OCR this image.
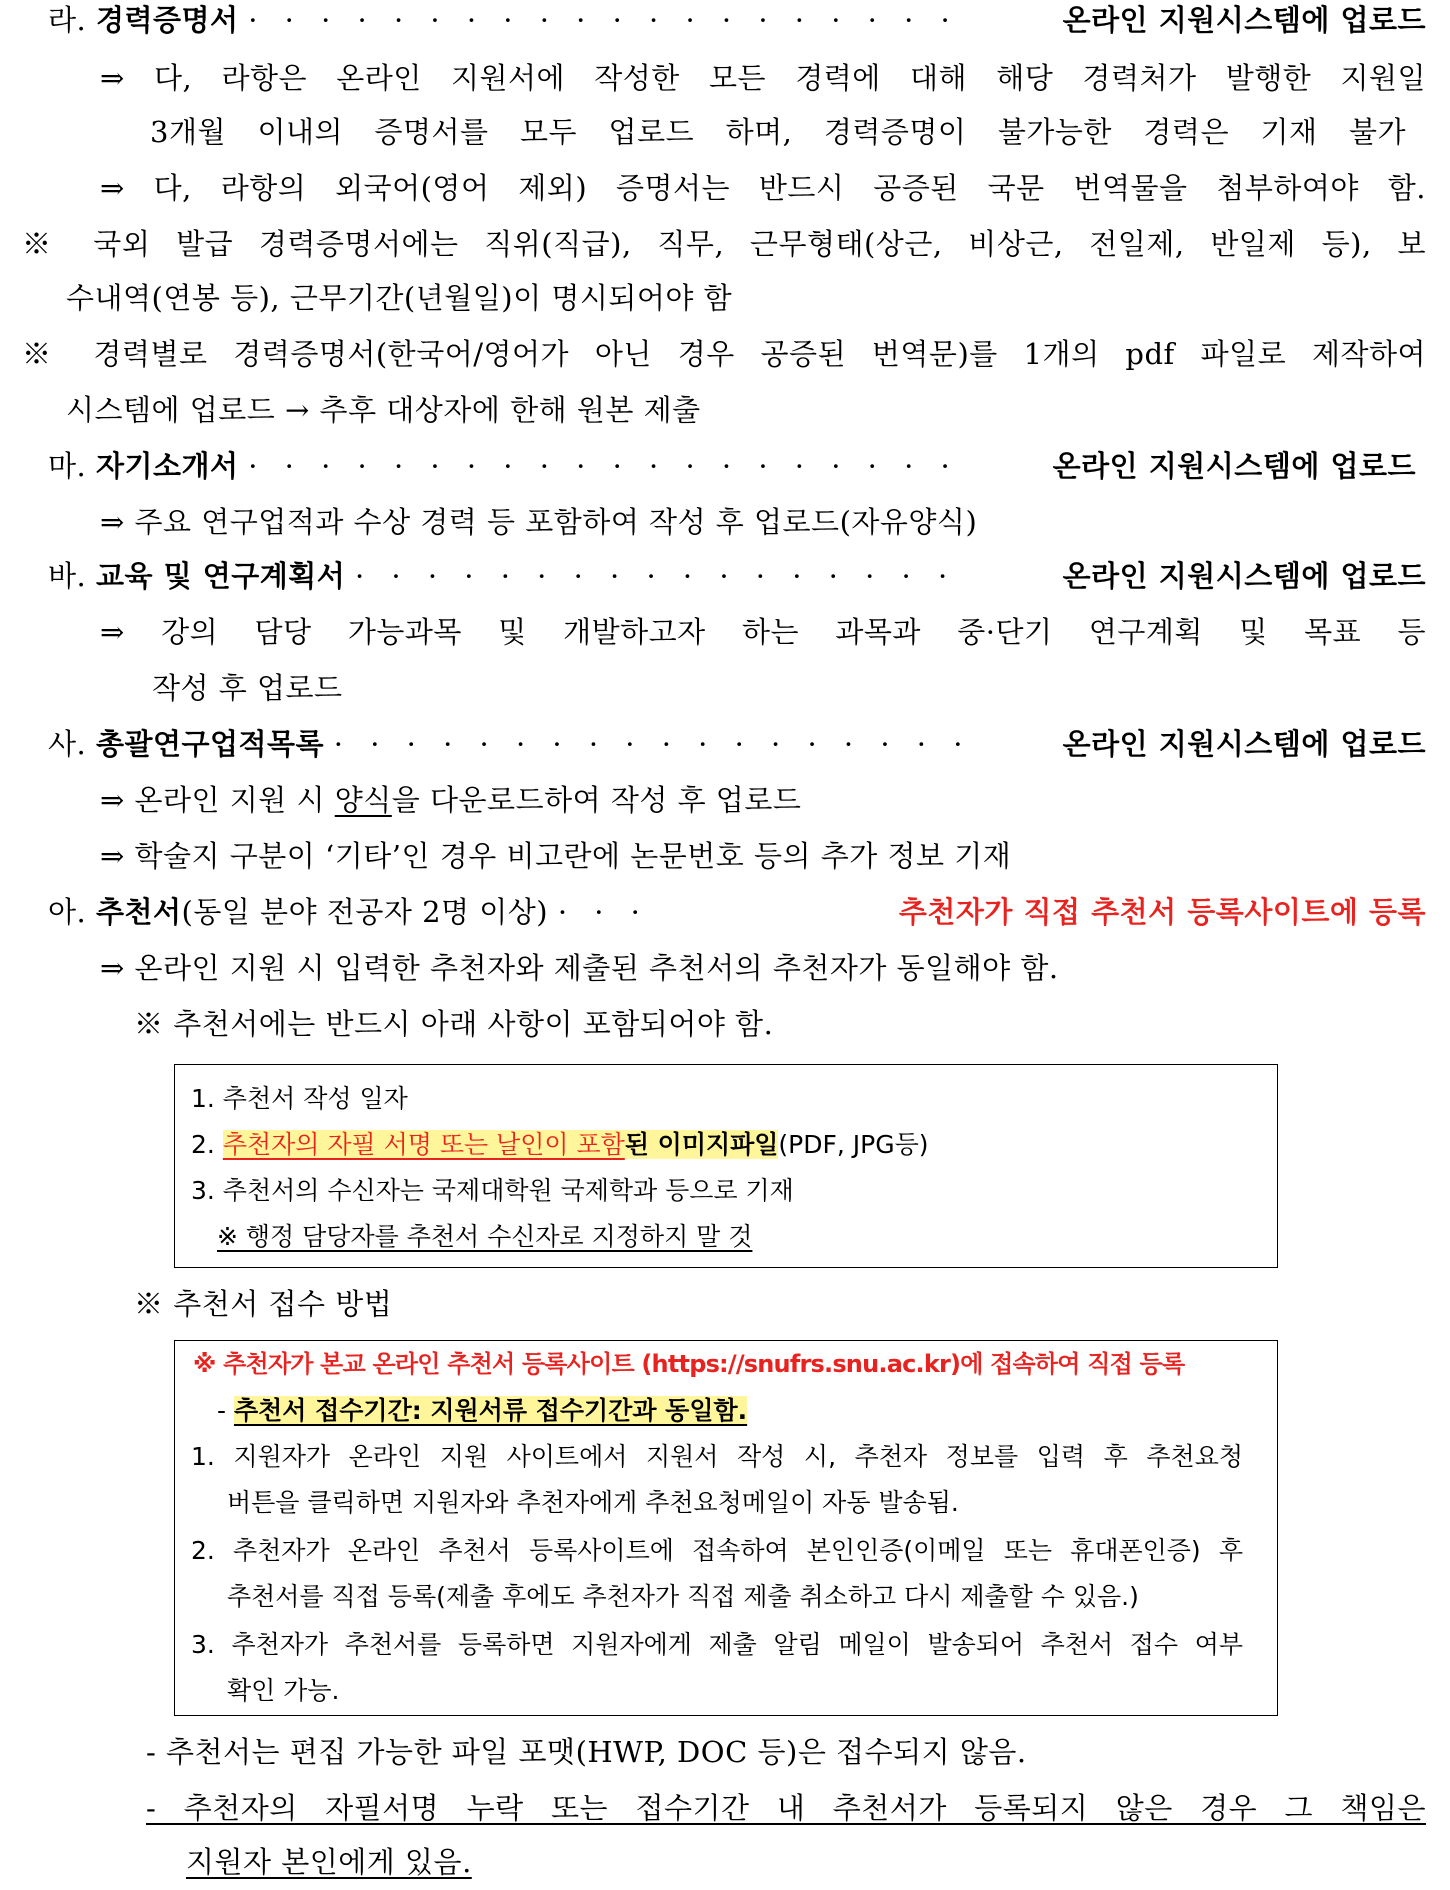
라. 경력증명서 · · · · · · · · · · · · · · · · · · · ·	온라인 지원시스템에 업로드
⇒ 다, 라항은 온라인 지원서에 작성한 모든 경력에 대해 해당 경력처가 발행한 지원일
3개월 이내의 증명서를 모두 업로드 하며, 경력증명이 불가능한 경력은 기재 불가
⇒ 다, 라항의 외국어(영어 제외) 증명서는 반드시 공증된 국문 번역물을 첨부하여야 함.
※ 국외 발급 경력증명서에는 직위(직급), 직무, 근무형태(상근, 비상근, 전일제, 반일제 등), 보
수내역(연봉 등), 근무기간(년월일)이 명시되어야 함
※ 경력별로 경력증명서(한국어/영어가 아닌 경우 공증된 번역문)를 1개의 pdf 파일로 제작하여
시스템에 업로드 → 추후 대상자에 한해 원본 제출
마. 자기소개서 · · · · · · · · · · · · · · · · · · · ·	온라인 지원시스템에 업로드
⇒ 주요 연구업적과 수상 경력 등 포함하여 작성 후 업로드(자유양식)
바. 교육 및 연구계획서 · · · · · · · · · · · · · · · · ·	온라인 지원시스템에 업로드
⇒ 강의 담당 가능과목 및 개발하고자 하는 과목과 중·단기 연구계획 및 목표 등
작성 후 업로드
사. 총괄연구업적목록 · · · · · · · · · · · · · · · · · ·	온라인 지원시스템에 업로드
⇒ 온라인 지원 시 양식을 다운로드하여 작성 후 업로드
⇒ 학술지 구분이 ‘기타’인 경우 비고란에 논문번호 등의 추가 정보 기재
아. 추천서(동일 분야 전공자 2명 이상) · · ·	추천자가 직접 추천서 등록사이트에 등록
⇒ 온라인 지원 시 입력한 추천자와 제출된 추천서의 추천자가 동일해야 함.
※ 추천서에는 반드시 아래 사항이 포함되어야 함.
1. 추천서 작성 일자
2. 추천자의 자필 서명 또는 날인이 포함된 이미지파일(PDF, JPG등)
3. 추천서의 수신자는 국제대학원 국제학과 등으로 기재
※ 행정 담당자를 추천서 수신자로 지정하지 말 것
※ 추천서 접수 방법
※ 추천자가 본교 온라인 추천서 등록사이트 (https://snufrs.snu.ac.kr)에 접속하여 직접 등록
- 추천서 접수기간: 지원서류 접수기간과 동일함.
1. 지원자가 온라인 지원 사이트에서 지원서 작성 시, 추천자 정보를 입력 후 추천요청
버튼을 클릭하면 지원자와 추천자에게 추천요청메일이 자동 발송됨.
2. 추천자가 온라인 추천서 등록사이트에 접속하여 본인인증(이메일 또는 휴대폰인증) 후
추천서를 직접 등록(제출 후에도 추천자가 직접 제출 취소하고 다시 제출할 수 있음.)
3. 추천자가 추천서를 등록하면 지원자에게 제출 알림 메일이 발송되어 추천서 접수 여부
확인 가능.
- 추천서는 편집 가능한 파일 포맷(HWP, DOC 등)은 접수되지 않음.
- 추천자의 자필서명 누락 또는 접수기간 내 추천서가 등록되지 않은 경우 그 책임은
지원자 본인에게 있음.
